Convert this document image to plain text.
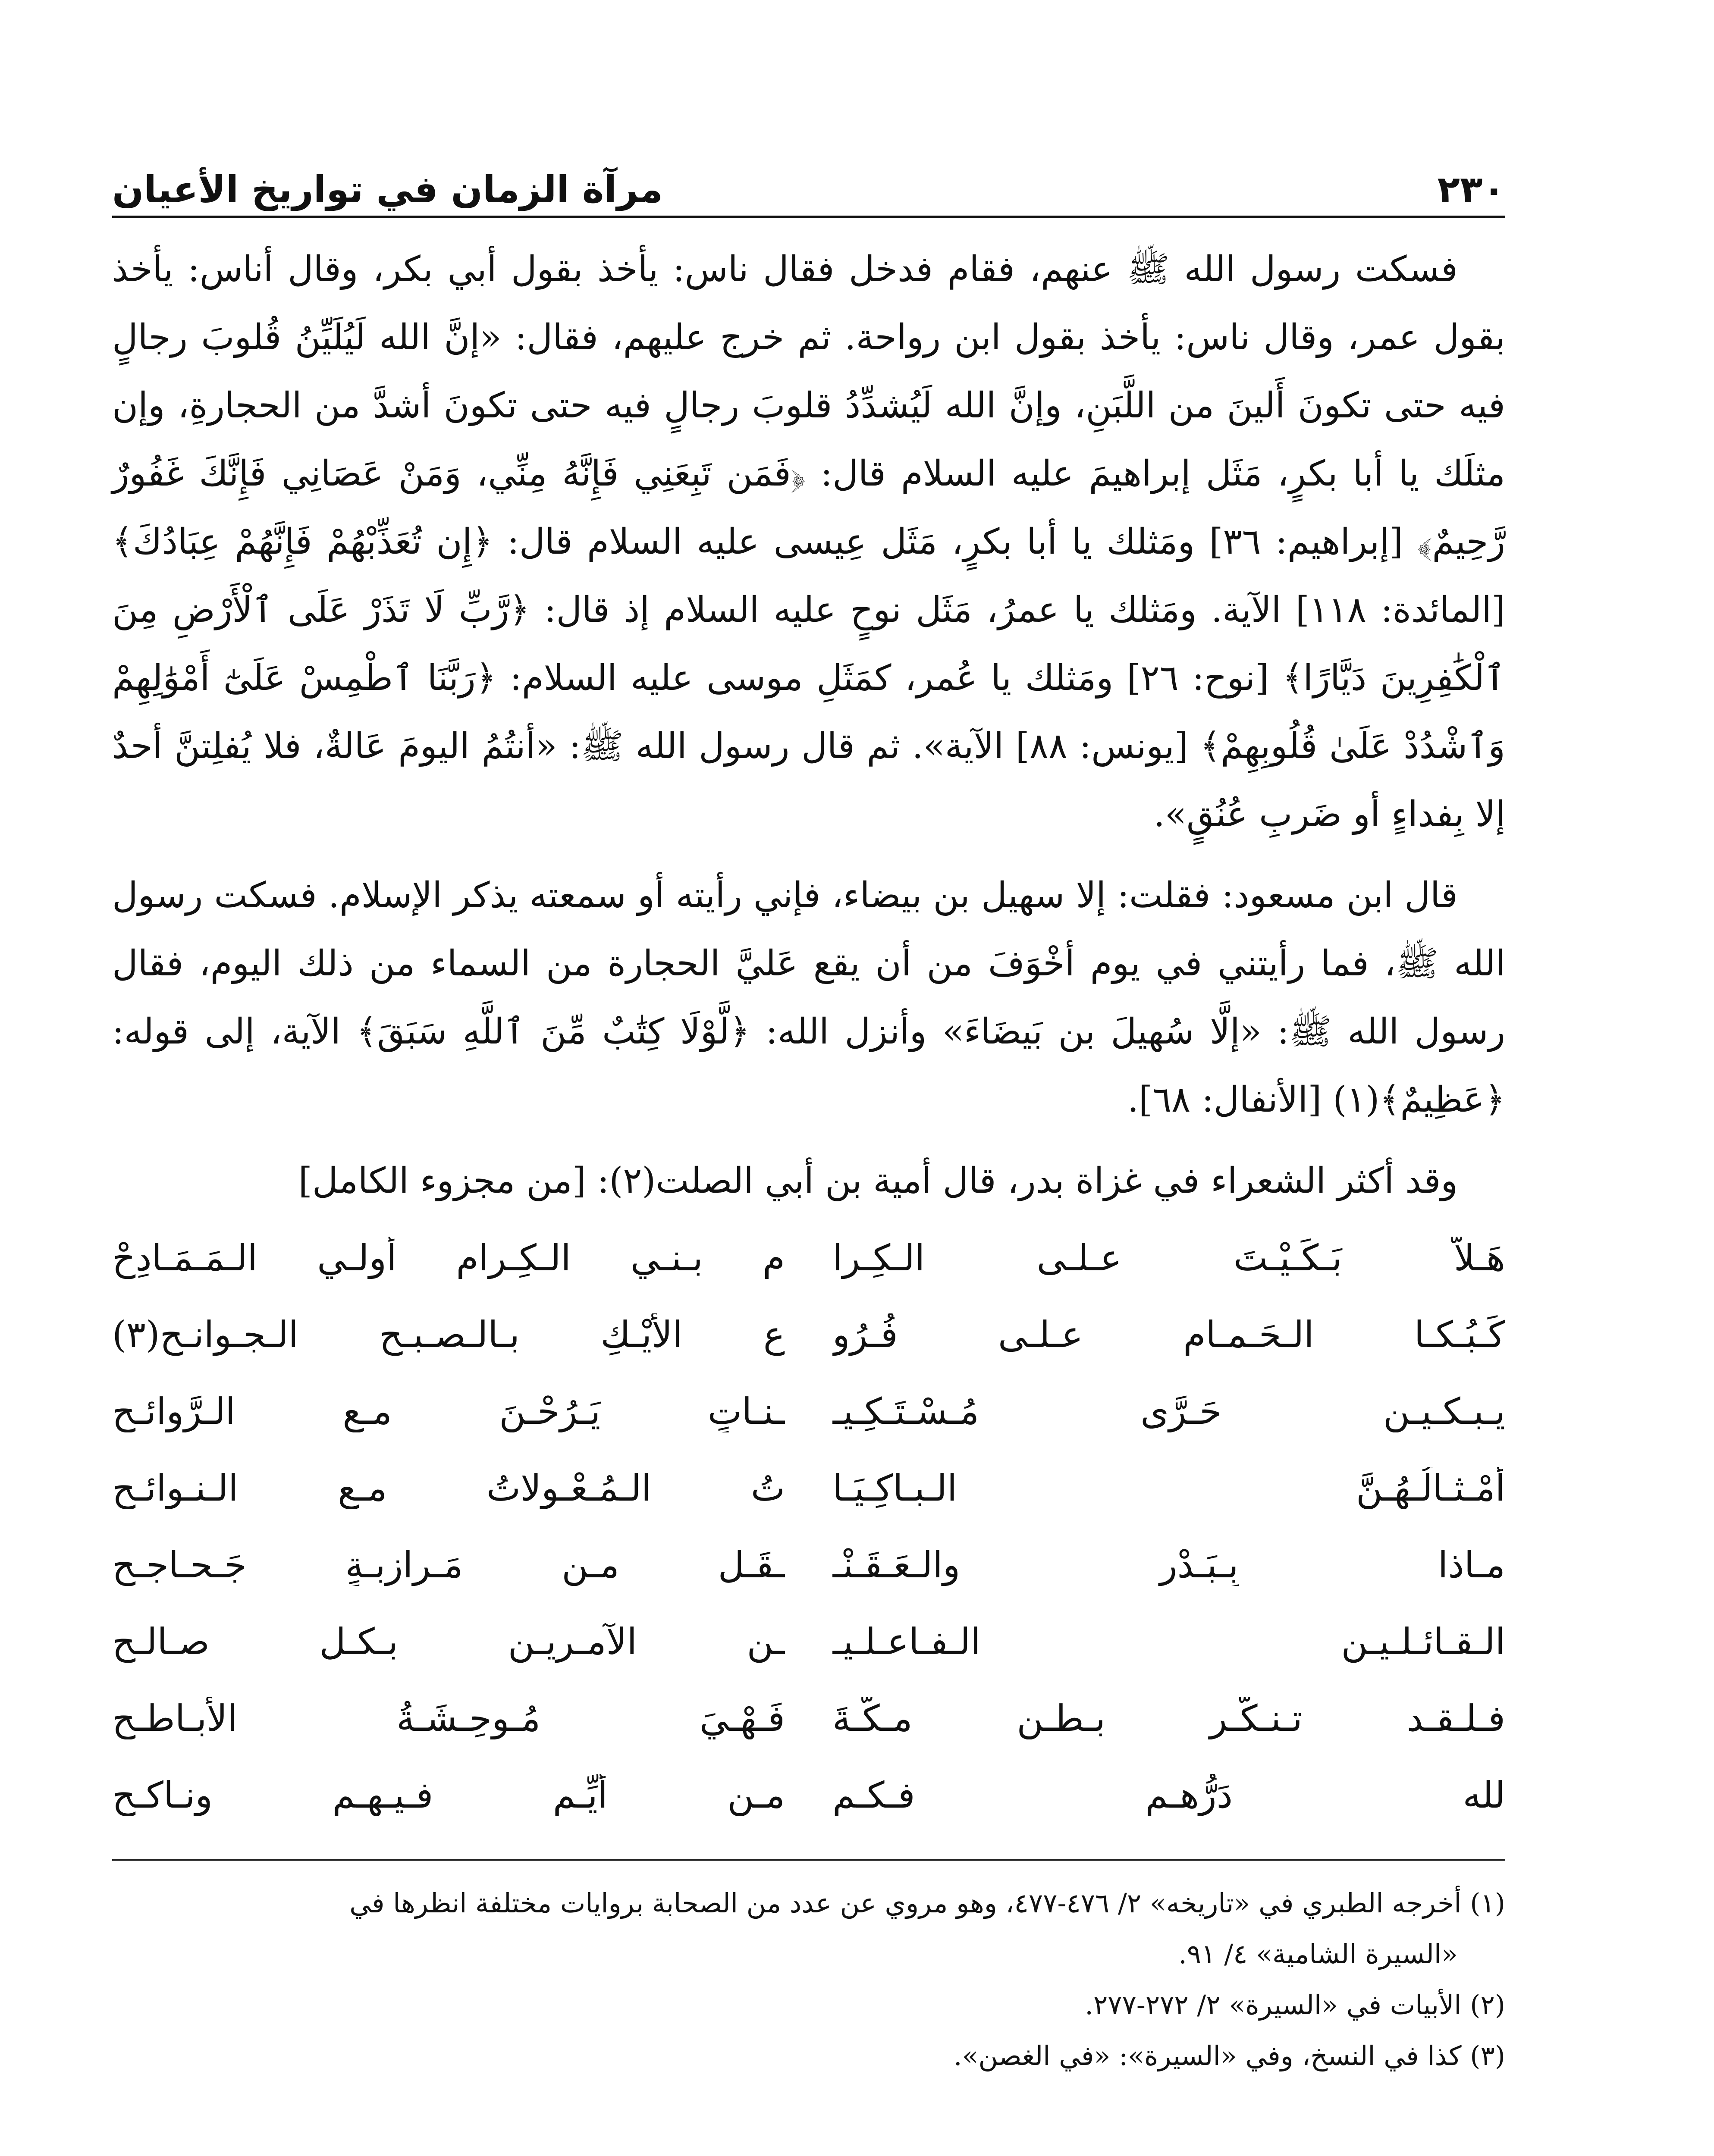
٢٣٠
مرآة الزمان في تواريخ الأعيان

فسكت رسول الله ﷺ عنهم، فقام فدخل فقال ناس: يأخذ بقول أبي بكر، وقال أناس: يأخذ بقول عمر، وقال ناس: يأخذ بقول ابن رواحة. ثم خرج عليهم، فقال: «إنَّ الله لَيُلَيِّنُ قُلوبَ رجالٍ فيه حتى تكونَ أَلينَ من اللَّبَنِ، وإنَّ الله لَيُشدِّدُ قلوبَ رجالٍ فيه حتى تكونَ أشدَّ من الحجارةِ، وإن مثلَك يا أبا بكرٍ، مَثَل إبراهيمَ عليه السلام قال: ﴿فَمَن تَبِعَنِي فَإِنَّهُ مِنِّي، وَمَنْ عَصَانِي فَإِنَّكَ غَفُورٌ رَّحِيمٌ﴾ [إبراهيم: ٣٦] ومَثلك يا أبا بكرٍ، مَثَل عِيسى عليه السلام قال: ﴿إِن تُعَذِّبْهُمْ فَإِنَّهُمْ عِبَادُكَ﴾ [المائدة: ١١٨] الآية. ومَثلك يا عمرُ، مَثَل نوحٍ عليه السلام إذ قال: ﴿رَّبِّ لَا تَذَرْ عَلَى ٱلْأَرْضِ مِنَ ٱلْكَٰفِرِينَ دَيَّارًا﴾ [نوح: ٢٦] ومَثلك يا عُمر، كمَثَلِ موسى عليه السلام: ﴿رَبَّنَا ٱطْمِسْ عَلَىٰٓ أَمْوَٰلِهِمْ وَٱشْدُدْ عَلَىٰ قُلُوبِهِمْ﴾ [يونس: ٨٨] الآية». ثم قال رسول الله ﷺ: «أنتُمُ اليومَ عَالةٌ، فلا يُفلِتنَّ أحدٌ إلا بِفداءٍ أو ضَربِ عُنُقٍ».

قال ابن مسعود: فقلت: إلا سهيل بن بيضاء، فإني رأيته أو سمعته يذكر الإسلام. فسكت رسول الله ﷺ، فما رأيتني في يوم أخْوَفَ من أن يقع عَليَّ الحجارة من السماء من ذلك اليوم، فقال رسول الله ﷺ: «إلَّا سُهيلَ بن بَيضَاءَ» وأنزل الله: ﴿لَّوْلَا كِتَٰبٌ مِّنَ ٱللَّهِ سَبَقَ﴾ الآية، إلى قوله: ﴿عَظِيمٌ﴾(١) [الأنفال: ٦٨].

وقد أكثر الشعراء في غزاة بدر، قال أمية بن أبي الصلت(٢): [من مجزوء الكامل]
هَـلاَّ بَـكَـيْـتَ عـلـى الـكِـرا
مِ بـنـي الـكِـرامِ أُولـي الـمَـمَـادِحْ
كَـبُـكـا الـحَـمـامِ عـلـى فُـرُو
عِ الأَيْـكِ بـالـصـبـحِ الـجـوانـح(٣)
يـبـكـيـن حَـرَّى مُـسْـتَـكِـيـ
ـنـاتٍ يَـرُحْـنَ مـع الـرَّوائـح
أمْـثـالُـهُـنَّ الـبـاكِـيَـا
تُ الـمُـعْـوِلاتُ مـع الـنـوائـح
مـاذا بِـبَـدْرٍ والـعَـقَـنْـ
ـقَـلِ مـن مَـرازِبـةٍ جَـحـاجـح
الـقـائـلـيـن الـفـاعـلـيـ
ـن الآمـريـن بـكـل صـالـح
فـلـقـد تـنـكَّـر بـطـن مـكَّـةَ
فَـهْـيَ مُـوحِـشَـةُ الأبـاطـح
لله دَرُّهـم فـكـم
مـن أَيِّـم فـيـهـم ونـاكـح

(١) أخرجه الطبري في «تاريخه» ٢/ ٤٧٦-٤٧٧، وهو مروي عن عدد من الصحابة بروايات مختلفة انظرها في

«السيرة الشامية» ٤/ ٩١.

(٢) الأبيات في «السيرة» ٢/ ٢٧٢-٢٧٧.

(٣) كذا في النسخ، وفي «السيرة»: «في الغصن».
